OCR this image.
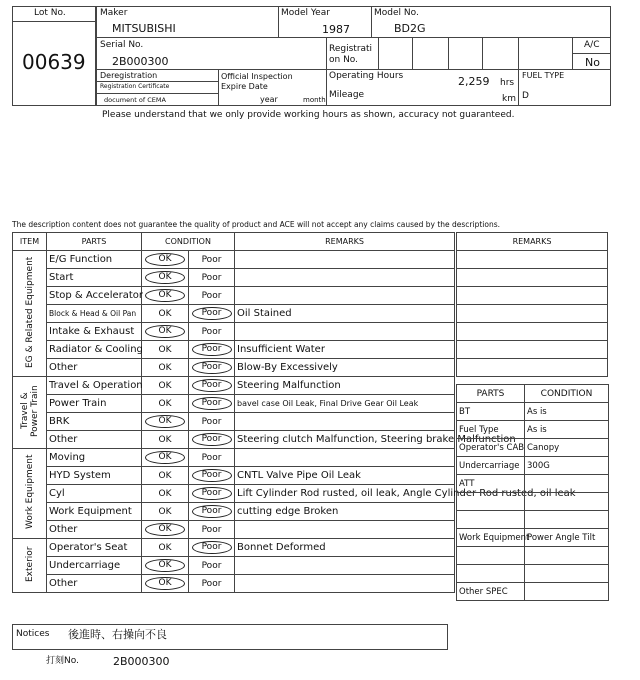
Lot No.
00639
Maker
MITSUBISHI
Model Year
1987
Model No.
BD2G
Serial No.
2B000300
Registrati on No.
A/C
No
Deregistration
Registration Certificate
document of CEMA
Official Inspection Expire Date
year	month
Operating Hours	2,259 hrs
Mileage	km
FUEL TYPE
D
Please understand that we only provide working hours as shown, accuracy not guaranteed.
The description content does not guarantee the quality of product and ACE will not accept any claims caused by the descriptions.
ITEM	PARTS	CONDITION		REMARKS
EG & Related Equipment	E/G Function	OK	Poor	
	Start	OK	Poor	
	Stop & Accelerator	OK	Poor	
	Block & Head & Oil Pan	OK	Poor	Oil Stained
	Intake & Exhaust	OK	Poor	
	Radiator & Cooling	OK	Poor	Insufficient Water
	Other	OK	Poor	Blow-By Excessively
Travel & Power Train	Travel & Operation	OK	Poor	Steering Malfunction
	Power Train	OK	Poor	bavel case Oil Leak, Final Drive Gear Oil Leak
	BRK	OK	Poor	
	Other	OK	Poor	Steering clutch Malfunction, Steering brake Malfunction
Work Equipment	Moving	OK	Poor	
	HYD System	OK	Poor	CNTL Valve Pipe Oil Leak
	Cyl	OK	Poor	Lift Cylinder Rod rusted, oil leak, Angle Cylinder Rod rusted, oil leak
	Work Equipment	OK	Poor	cutting edge Broken
	Other	OK	Poor	
Exterior	Operator's Seat	OK	Poor	Bonnet Deformed
	Undercarriage	OK	Poor	
	Other	OK	Poor	
REMARKS

PARTS	CONDITION
BT	As is
Fuel Type	As is
Operator's CAB	Canopy
Undercarriage	300G
ATT	

Work Equipment	Power Angle Tilt

Other SPEC	
Notices 後進時、右操向不良
打刻No.	2B000300
